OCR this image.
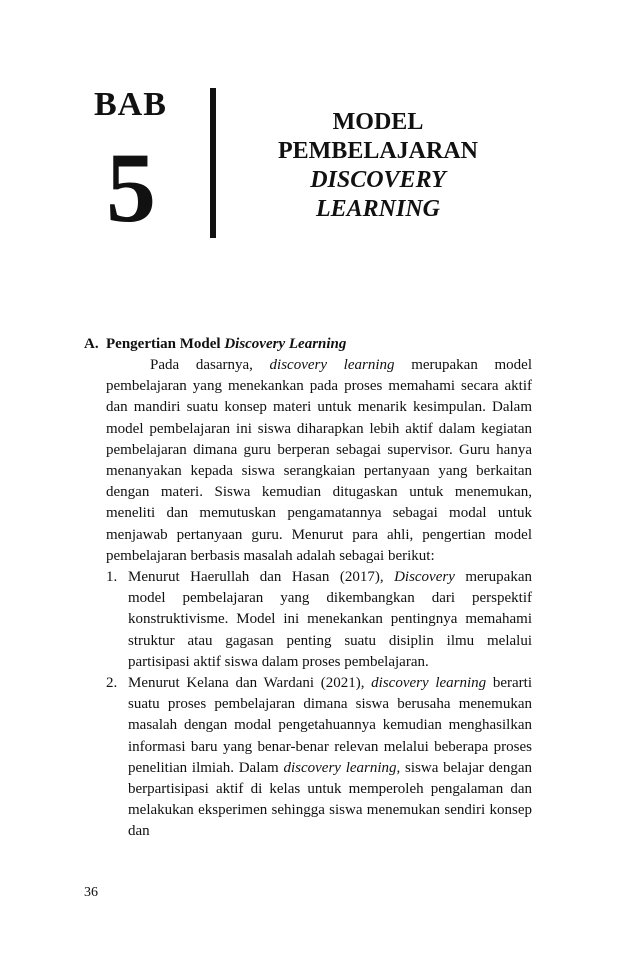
BAB
5
MODEL
PEMBELAJARAN
DISCOVERY
LEARNING
A. Pengertian Model Discovery Learning

Pada dasarnya, discovery learning merupakan model pembelajaran yang menekankan pada proses memahami secara aktif dan mandiri suatu konsep materi untuk menarik kesimpulan. Dalam model pembelajaran ini siswa diharapkan lebih aktif dalam kegiatan pembelajaran dimana guru berperan sebagai supervisor. Guru hanya menanyakan kepada siswa serangkaian pertanyaan yang berkaitan dengan materi. Siswa kemudian ditugaskan untuk menemukan, meneliti dan memutuskan pengamatannya sebagai modal untuk menjawab pertanyaan guru. Menurut para ahli, pengertian model pembelajaran berbasis masalah adalah sebagai berikut:

1. Menurut Haerullah dan Hasan (2017), Discovery merupakan model pembelajaran yang dikembangkan dari perspektif konstruktivisme. Model ini menekankan pentingnya memahami struktur atau gagasan penting suatu disiplin ilmu melalui partisipasi aktif siswa dalam proses pembelajaran.
2. Menurut Kelana dan Wardani (2021), discovery learning berarti suatu proses pembelajaran dimana siswa berusaha menemukan masalah dengan modal pengetahuannya kemudian menghasilkan informasi baru yang benar-benar relevan melalui beberapa proses penelitian ilmiah. Dalam discovery learning, siswa belajar dengan berpartisipasi aktif di kelas untuk memperoleh pengalaman dan melakukan eksperimen sehingga siswa menemukan sendiri konsep dan
36
